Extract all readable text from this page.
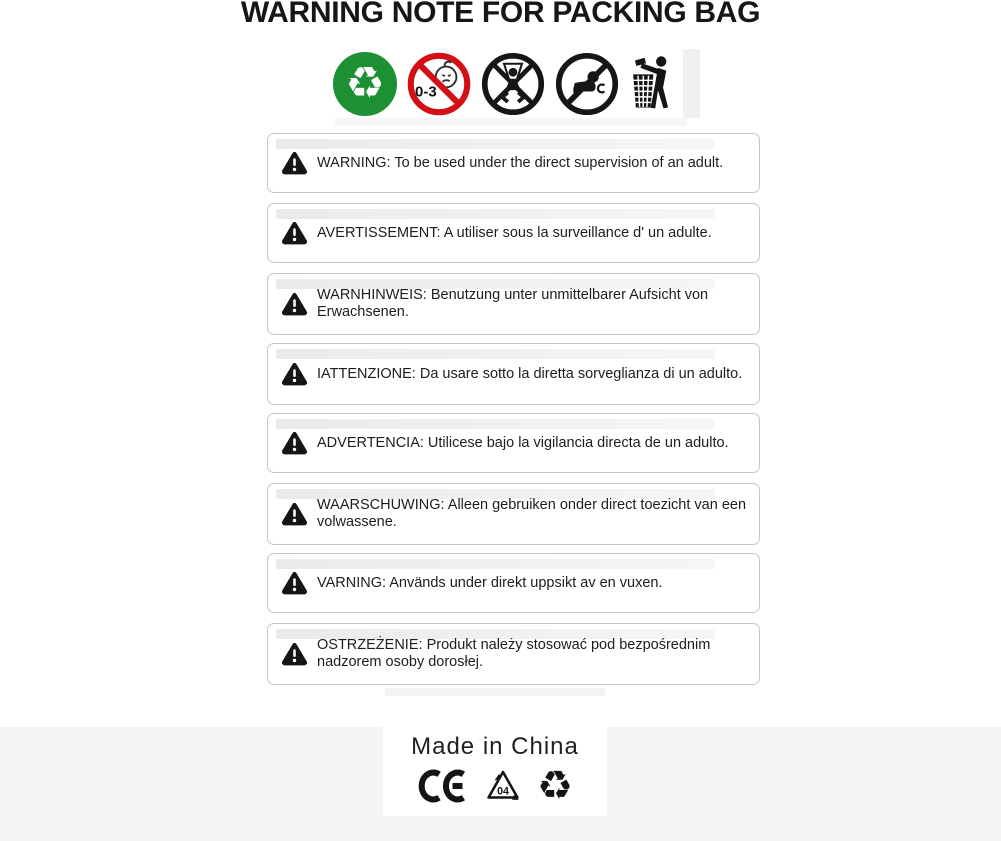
WARNING NOTE FOR PACKING BAG
♻ 0-3
WARNING: To be used under the direct supervision of an adult.
AVERTISSEMENT: A utiliser sous la surveillance d' un adulte.
WARNHINWEIS: Benutzung unter unmittelbarer Aufsicht von Erwachsenen.
IATTENZIONE: Da usare sotto la diretta sorveglianza di un adulto.
ADVERTENCIA: Utilicese bajo la vigilancia directa de un adulto.
WAARSCHUWING: Alleen gebruiken onder direct toezicht van een volwassene.
VARNING: Används under direkt uppsikt av en vuxen.
OSTRZEŻENIE: Produkt należy stosować pod bezpośrednim nadzorem osoby dorosłej.
Made in China
04 ♻
